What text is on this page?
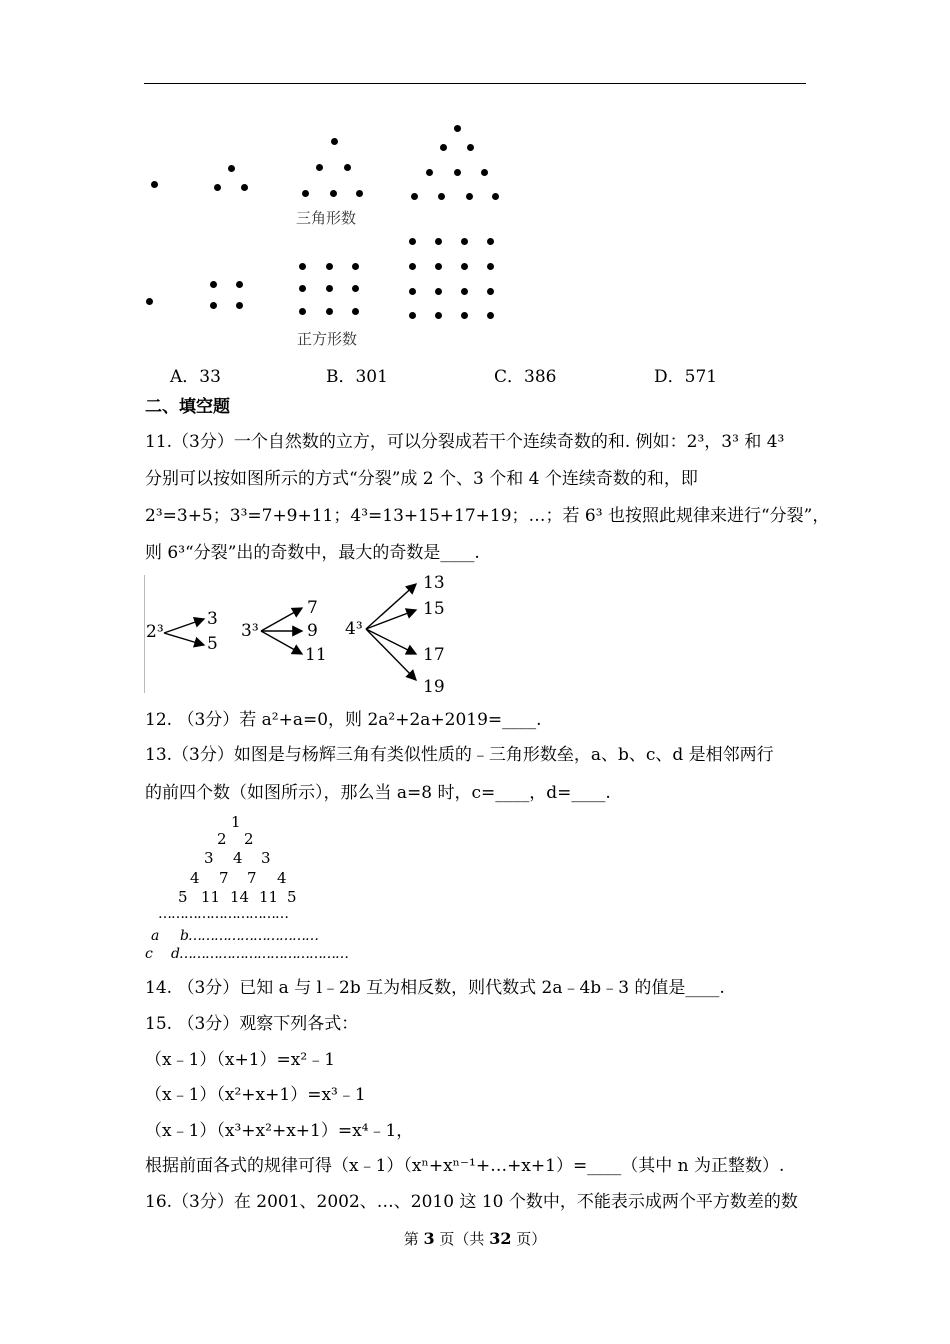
三角形数
正方形数
A．33	B．301	C．386	D．571
二、填空题
11.（3分）一个自然数的立方，可以分裂成若干个连续奇数的和. 例如：2³，3³ 和 4³
分别可以按如图所示的方式“分裂”成 2 个、3 个和 4 个连续奇数的和，即
2³=3+5；3³=7+9+11；4³=13+15+17+19；…；若 6³ 也按照此规律来进行“分裂”，
则 6³“分裂”出的奇数中，最大的奇数是____.
2³	3³	4³
3
5
7
9
11
13
15
17
19
12. （3分）若 a²+a=0，则 2a²+2a+2019=____.
13.（3分）如图是与杨辉三角有类似性质的﹣三角形数垒，a、b、c、d 是相邻两行
的前四个数（如图所示），那么当 a=8 时，c=____，d=____.
1
2 2
3 4 3
4 7 7 4
5 11 14 11 5
…………………………
a b…………………………
c d…………………………………
14. （3分）已知 a 与 l﹣2b 互为相反数，则代数式 2a﹣4b﹣3 的值是____.
15. （3分）观察下列各式：
（x﹣1）（x+1）=x²﹣1
（x﹣1）（x²+x+1）=x³﹣1
（x﹣1）（x³+x²+x+1）=x⁴﹣1，
根据前面各式的规律可得（x﹣1）（xⁿ+xⁿ⁻¹+…+x+1）=____（其中 n 为正整数）.
16.（3分）在 2001、2002、…、2010 这 10 个数中，不能表示成两个平方数差的数
第 3 页（共 32 页）
